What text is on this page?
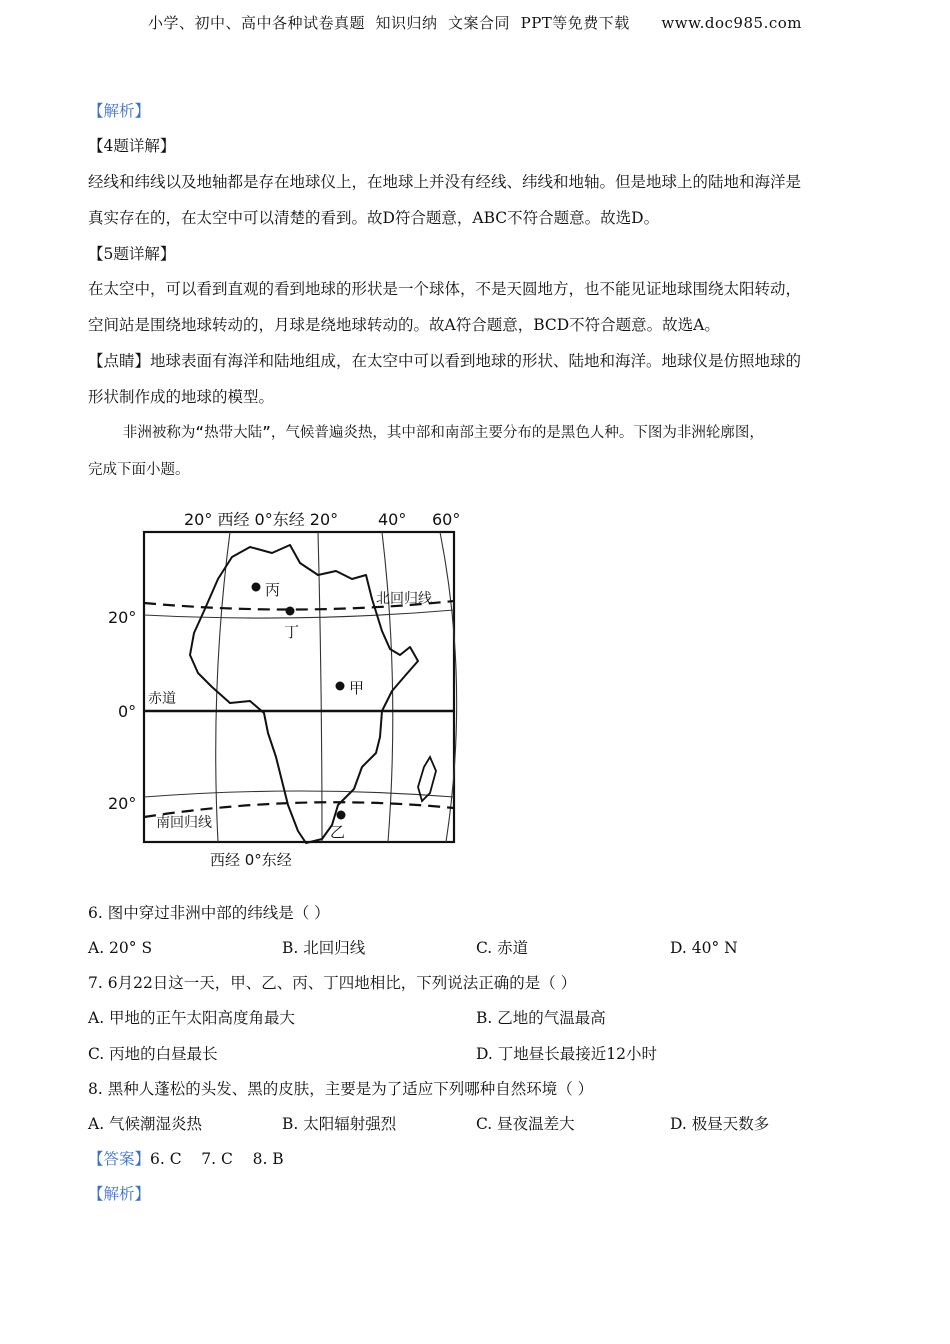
小学、初中、高中各种试卷真题  知识归纳  文案合同  PPT等免费下载      www.doc985.com
【解析】
【4题详解】
经线和纬线以及地轴都是存在地球仪上，在地球上并没有经线、纬线和地轴。但是地球上的陆地和海洋是
真实存在的，在太空中可以清楚的看到。故D符合题意，ABC不符合题意。故选D。
【5题详解】
在太空中，可以看到直观的看到地球的形状是一个球体，不是天圆地方，也不能见证地球围绕太阳转动，
空间站是围绕地球转动的，月球是绕地球转动的。故A符合题意，BCD不符合题意。故选A。
【点睛】地球表面有海洋和陆地组成，在太空中可以看到地球的形状、陆地和海洋。地球仪是仿照地球的
形状制作成的地球的模型。
非洲被称为“热带大陆”，气候普遍炎热，其中部和南部主要分布的是黑色人种。下图为非洲轮廓图，
完成下面小题。
20° 西经 0°东经 20° 40° 60°
20°
0°
20°
北回归线
赤道
南回归线
西经 0°东经
丙
丁
甲
乙
6. 图中穿过非洲中部的纬线是（ ）
A. 20° S	B. 北回归线	C. 赤道	D. 40° N
7. 6月22日这一天，甲、乙、丙、丁四地相比，下列说法正确的是（ ）
A. 甲地的正午太阳高度角最大	B. 乙地的气温最高
C. 丙地的白昼最长	D. 丁地昼长最接近12小时
8. 黑种人蓬松的头发、黑的皮肤，主要是为了适应下列哪种自然环境（ ）
A. 气候潮湿炎热	B. 太阳辐射强烈	C. 昼夜温差大	D. 极昼天数多
【答案】6. C    7. C    8. B
【解析】
